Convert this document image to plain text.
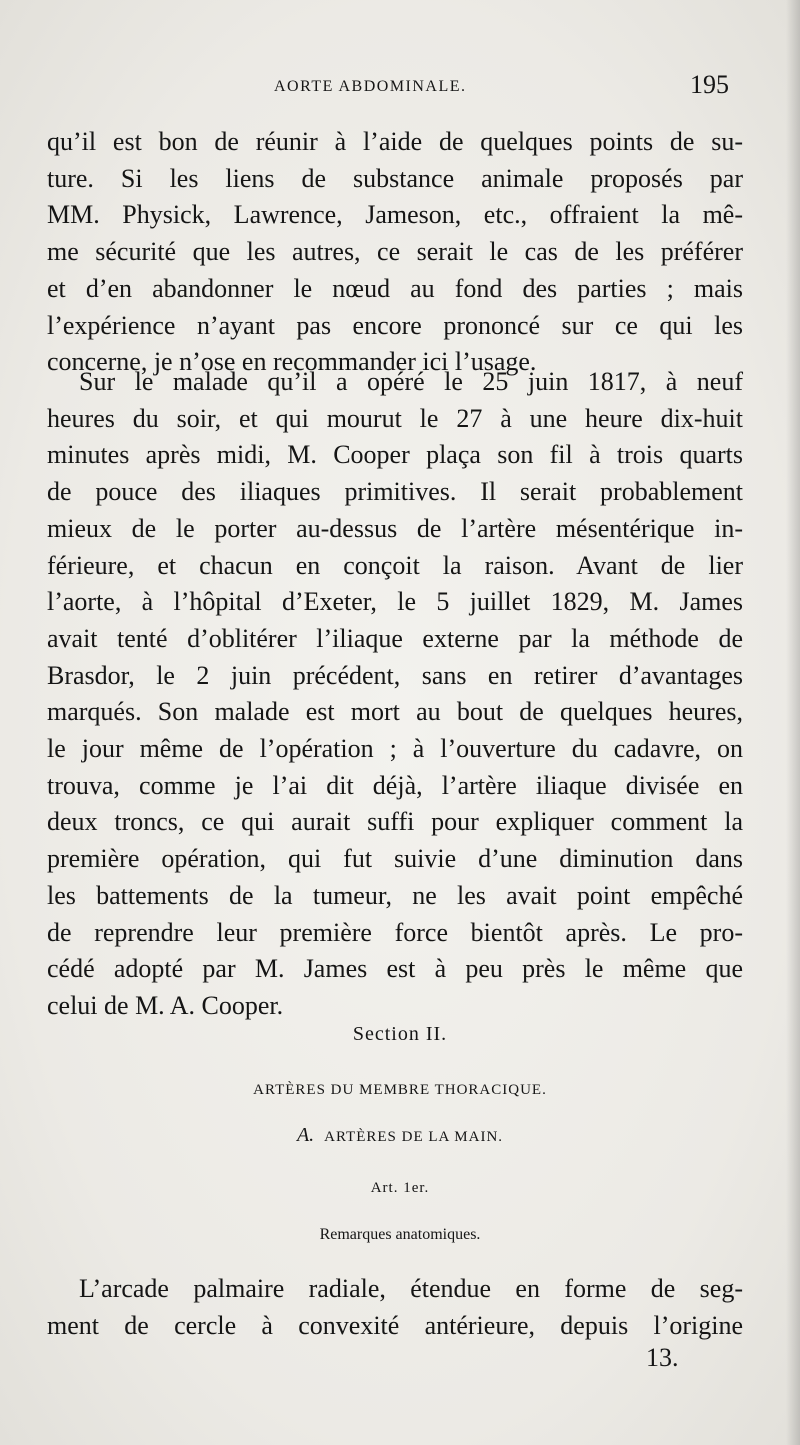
AORTE ABDOMINALE.	195
qu’il est bon de réunir à l’aide de quelques points de su-
ture. Si les liens de substance animale proposés par
MM. Physick, Lawrence, Jameson, etc., offraient la mê-
me sécurité que les autres, ce serait le cas de les préférer
et d’en abandonner le nœud au fond des parties ; mais
l’expérience n’ayant pas encore prononcé sur ce qui les
concerne, je n’ose en recommander ici l’usage.
Sur le malade qu’il a opéré le 25 juin 1817, à neuf
heures du soir, et qui mourut le 27 à une heure dix-huit
minutes après midi, M. Cooper plaça son fil à trois quarts
de pouce des iliaques primitives. Il serait probablement
mieux de le porter au-dessus de l’artère mésentérique in-
férieure, et chacun en conçoit la raison. Avant de lier
l’aorte, à l’hôpital d’Exeter, le 5 juillet 1829, M. James
avait tenté d’oblitérer l’iliaque externe par la méthode de
Brasdor, le 2 juin précédent, sans en retirer d’avantages
marqués. Son malade est mort au bout de quelques heures,
le jour même de l’opération ; à l’ouverture du cadavre, on
trouva, comme je l’ai dit déjà, l’artère iliaque divisée en
deux troncs, ce qui aurait suffi pour expliquer comment la
première opération, qui fut suivie d’une diminution dans
les battements de la tumeur, ne les avait point empêché
de reprendre leur première force bientôt après. Le pro-
cédé adopté par M. James est à peu près le même que
celui de M. A. Cooper.
Section II.
ARTÈRES DU MEMBRE THORACIQUE.
A. ARTÈRES DE LA MAIN.
Art. 1er.
Remarques anatomiques.
L’arcade palmaire radiale, étendue en forme de seg-
ment de cercle à convexité antérieure, depuis l’origine
13.
